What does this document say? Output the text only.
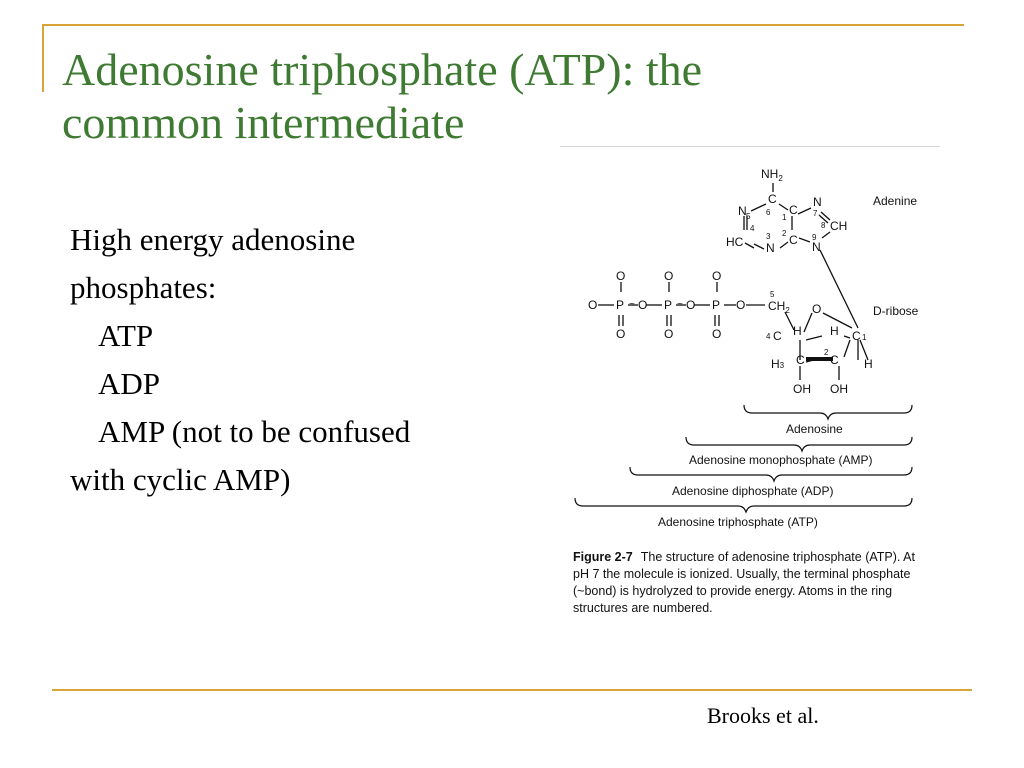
Adenosine triphosphate (ATP): the
common intermediate
High energy adenosine
phosphates:
ATP
ADP
AMP (not to be confused
with cyclic AMP)
$NH_2$
C
6
N 5	C
1
N
7
8 CH
4
HC	3
N
2 C 9
N
O	O	O
O P ~ O P ~ O P O
O	O	O
5
$CH_2$ O
4 C H H C 1
H3 C
2
C H
OH OH
Adenine
D-ribose
Adenosine
Adenosine monophosphate (AMP)
Adenosine diphosphate (ADP)
Adenosine triphosphate (ATP)
Figure 2-7 The structure of adenosine triphosphate (ATP). At pH 7 the molecule is ionized. Usually, the terminal phosphate (~bond) is hydrolyzed to provide energy. Atoms in the ring structures are numbered.
Brooks et al.
